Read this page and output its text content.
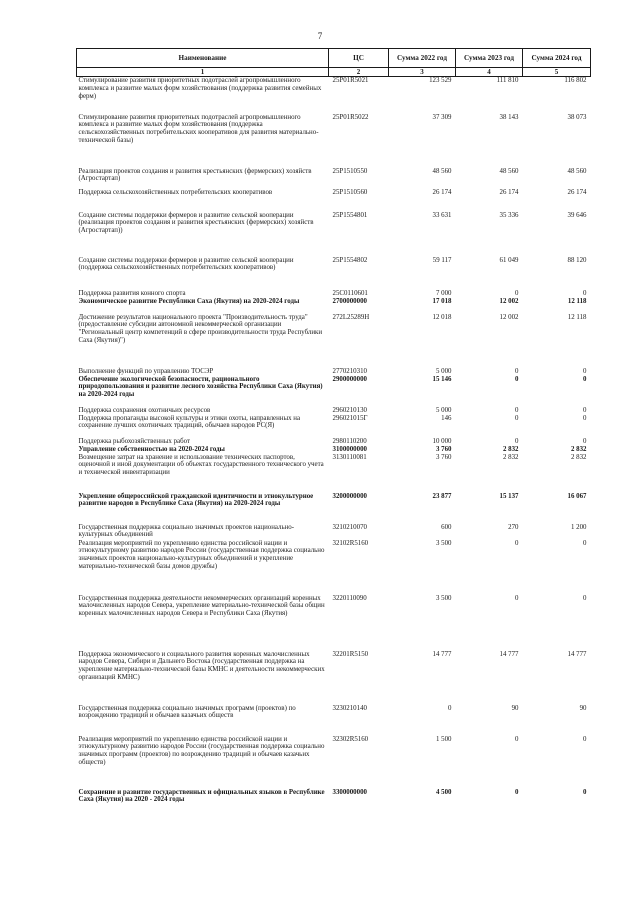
7
Наименование	ЦС	Сумма 2022 год	Сумма 2023 год	Сумма 2024 год
1	2	3	4	5
Стимулирование развития приоритетных подотраслей агропромышленного комплекса и развитие малых форм хозяйствования (поддержка развития семейных ферм)	25P01R5021	123 529	111 810	116 802
Стимулирование развития приоритетных подотраслей агропромышленного комплекса и развитие малых форм хозяйствования (поддержка сельскохозяйственных потребительских кооперативов для развития материально-технической базы)	25P01R5022	37 309	38 143	38 073
Реализация проектов создания и развития крестьянских (фермерских) хозяйств (Агростартап)	25P1510550	48 560	48 560	48 560
Поддержка сельскохозяйственных потребительских кооперативов	25P1510560	26 174	26 174	26 174
Создание системы поддержки фермеров и развитие сельской кооперации (реализация проектов создания и развития крестьянских (фермерских) хозяйств (Агростартап))	25P1554801	33 631	35 336	39 646
Создание системы поддержки фермеров и развитие сельской кооперации (поддержка сельскохозяйственных потребительских кооперативов)	25P1554802	59 117	61 049	88 120
Поддержка развития конного спорта	25C0110601	7 000	0	0
Экономическое развитие Республики Саха (Якутия) на 2020-2024 годы	2700000000	17 018	12 002	12 118
Достижение результатов национального проекта "Производительность труда" (предоставление субсидии автономной некоммерческой организации "Региональный центр компетенций в сфере производительности труда Республики Саха (Якутия)")	272L25289H	12 018	12 002	12 118
Выполнение функций по управлению ТОСЭР	2770210310	5 000	0	0
Обеспечение экологической безопасности, рационального природопользования и развитие лесного хозяйства Республики Саха (Якутия) на 2020-2024 годы	2900000000	15 146	0	0
Поддержка сохранения охотничьих ресурсов	2960210130	5 000	0	0
Поддержка пропаганды высокой культуры и этики охоты, направленных на сохранение лучших охотничьих традиций, обычаев народов РС(Я)	296021015Г	146	0	0
Поддержка рыбохозяйственных работ	2980110200	10 000	0	0
Управление собственностью на 2020-2024 годы	3100000000	3 760	2 832	2 832
Возмещение затрат на хранение и использование технических паспортов, оценочной и иной документации об объектах государственного технического учета и технической инвентаризации	3130110081	3 760	2 832	2 832
Укрепление общероссийской гражданской идентичности и этнокультурное развитие народов в Республике Саха (Якутия) на 2020-2024 годы	3200000000	23 877	15 137	16 067
Государственная поддержка социально значимых проектов национально-культурных объединений	3210210070	600	270	1 200
Реализация мероприятий по укреплению единства российской нации и этнокультурному развитию народов России (государственная поддержка социально значимых проектов национально-культурных объединений и укрепление материально-технической базы домов дружбы)	32102R5160	3 500	0	0
Государственная поддержка деятельности некоммерческих организаций коренных малочисленных народов Севера, укрепление материально-технической базы общин коренных малочисленных народов Севера и Республики Саха (Якутия)	3220110090	3 500	0	0
Поддержка экономического и социального развития коренных малочисленных народов Севера, Сибири и Дальнего Востока (государственная поддержка на укрепление материально-технической базы КМНС и деятельности некоммерческих организаций КМНС)	32201R5150	14 777	14 777	14 777
Государственная поддержка социально значимых программ (проектов) по возрождению традиций и обычаев казачьих обществ	3230210140	0	90	90
Реализация мероприятий по укреплению единства российской нации и этнокультурному развитию народов России (государственная поддержка социально значимых программ (проектов) по возрождению традиций и обычаев казачьих обществ)	32302R5160	1 500	0	0
Сохранение и развитие государственных и официальных языков в Республике Саха (Якутия) на 2020 - 2024 годы	3300000000	4 500	0	0
